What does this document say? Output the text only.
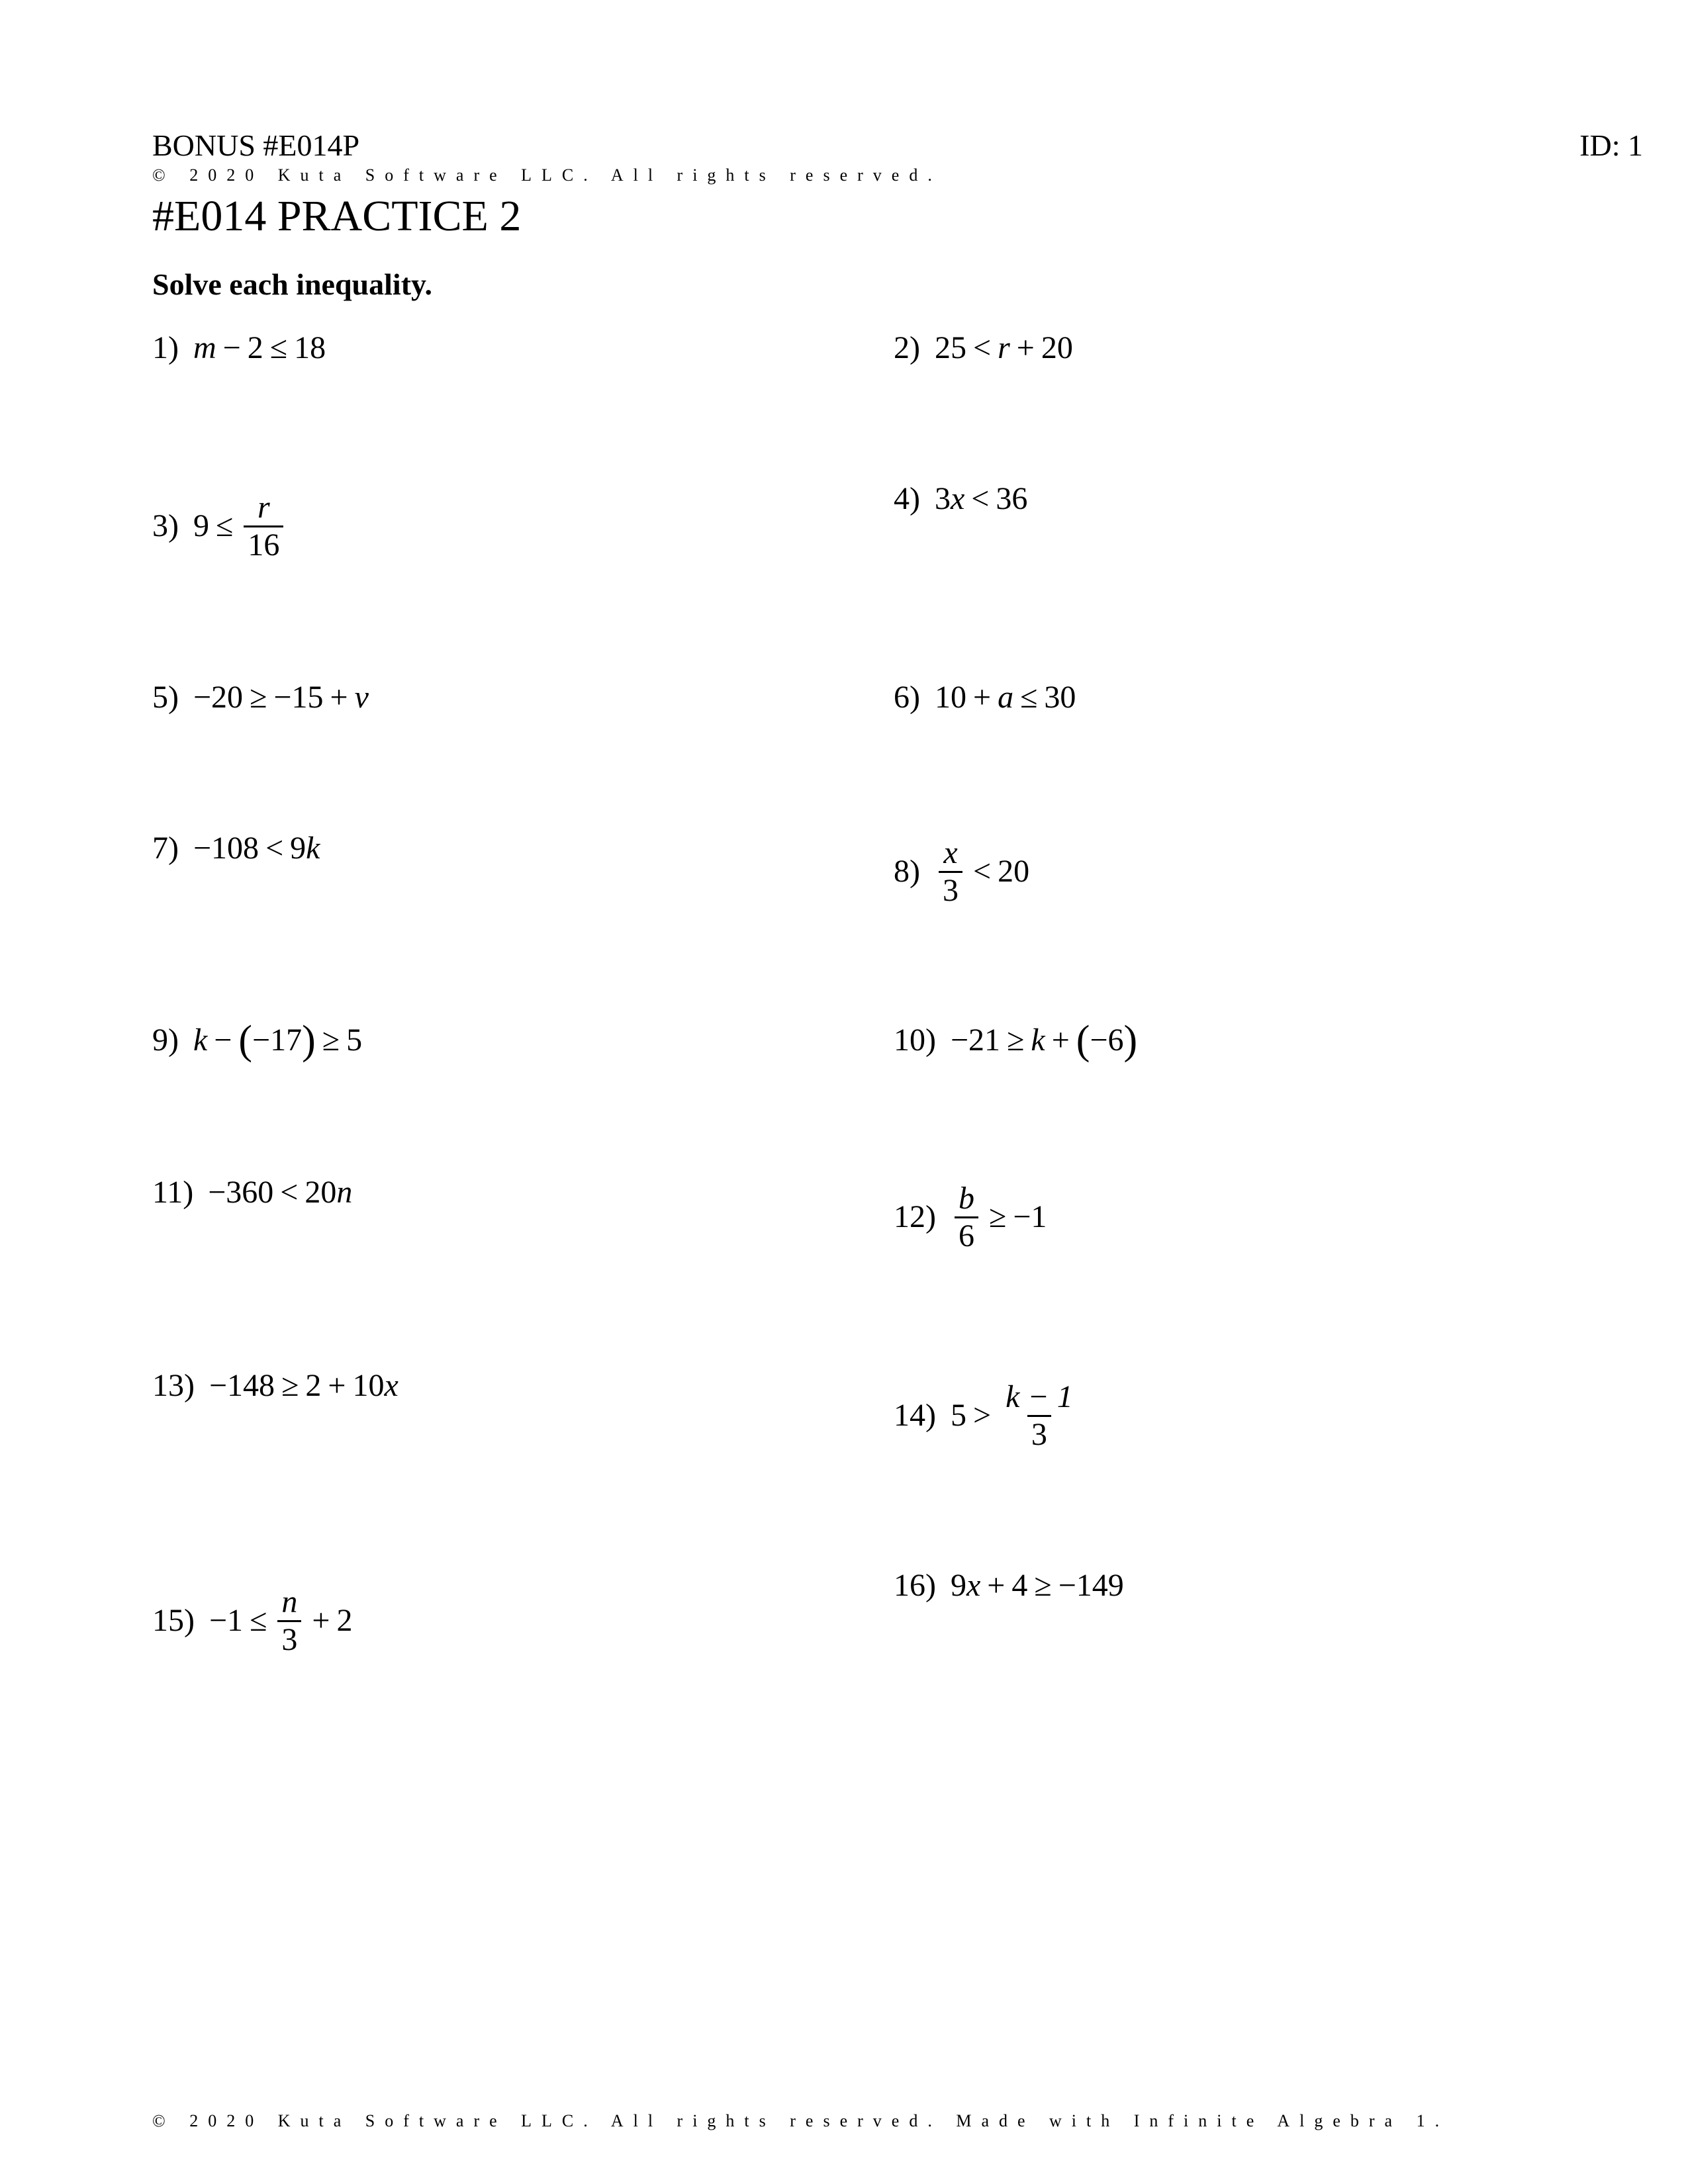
BONUS #E014P	ID: 1
© 2020 Kuta Software LLC. All rights reserved.
#E014 PRACTICE 2
Solve each inequality.
1) m − 2 ≤ 18	2) 25 < r + 20
3) $9 \le \frac{r}{16}$	4) 3 x < 36
5) −20 ≥ −15 + v	6) 10 + a ≤ 30
7) −108 < 9 k
$8) \frac{x}{3} < 20$
9) k − ( −17 ) ≥ 5	10) −21 ≥ k + ( −6 )
11) −360 < 20 n
$12) \frac{b}{6} \ge -1$
13) −148 ≥ 2 + 10 x
14) $5 > \frac{k - 1}{3}$
$15) -1 \le \frac{n}{3} + 2$
16) 9 x + 4 ≥ −149
© 2020 Kuta Software LLC. All rights reserved. Made with Infinite Algebra 1.
